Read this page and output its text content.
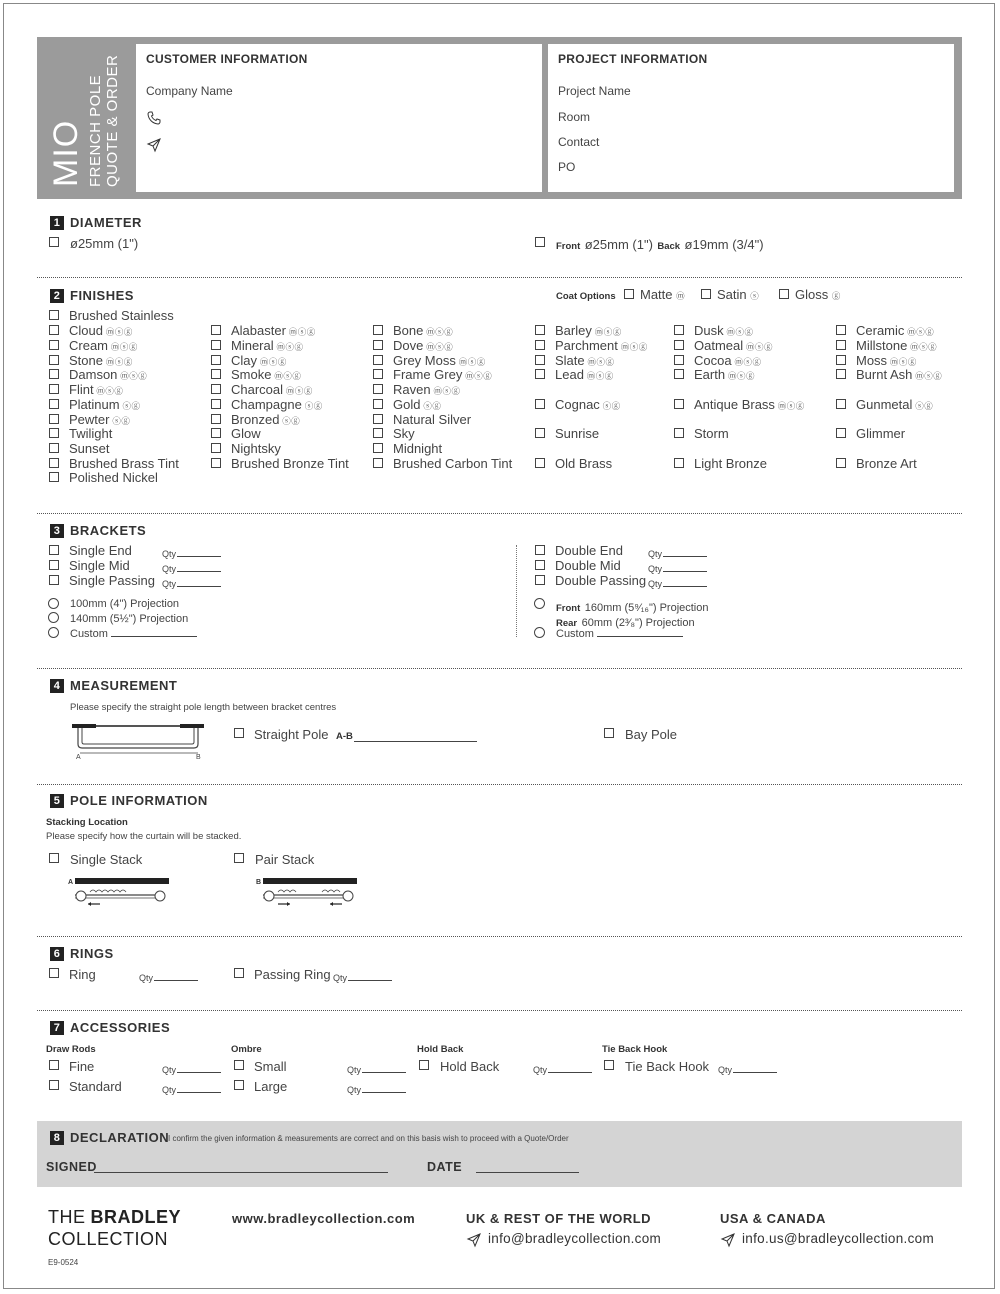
MIO FRENCH POLE QUOTE & ORDER CUSTOMER INFORMATION
Company Name
PROJECT INFORMATION
Project Name
Room
Contact
PO
1 DIAMETER
ø25mm (1")	Front ø25mm (1") Back ø19mm (3/4")
2 FINISHES	Coat Options Matte ⓜ Satin ⓢ	Gloss ⓖ
Brushed Stainless
Cloud ⓜⓢⓖ
Cream ⓜⓢⓖ
Stone ⓜⓢⓖ
Damson ⓜⓢⓖ
Flint ⓜⓢⓖ
Platinum ⓢⓖ
Pewter ⓢⓖ
Twilight
Sunset
Brushed Brass Tint
Polished Nickel
Alabaster ⓜⓢⓖ
Mineral ⓜⓢⓖ
Clay ⓜⓢⓖ
Smoke ⓜⓢⓖ
Charcoal ⓜⓢⓖ
Champagne ⓢⓖ
Bronzed ⓢⓖ
Glow
Nightsky
Brushed Bronze Tint
Bone ⓜⓢⓖ
Dove ⓜⓢⓖ
Grey Moss ⓜⓢⓖ
Frame Grey ⓜⓢⓖ
Raven ⓜⓢⓖ
Gold ⓢⓖ
Natural Silver
Sky
Midnight
Brushed Carbon Tint
Barley ⓜⓢⓖ
Parchment ⓜⓢⓖ
Slate ⓜⓢⓖ
Lead ⓜⓢⓖ
Cognac ⓢⓖ
Sunrise
Old Brass
Dusk ⓜⓢⓖ
Oatmeal ⓜⓢⓖ
Cocoa ⓜⓢⓖ
Earth ⓜⓢⓖ
Antique Brass ⓜⓢⓖ
Storm
Light Bronze
Ceramic ⓜⓢⓖ
Millstone ⓜⓢⓖ
Moss ⓜⓢⓖ
Burnt Ash ⓜⓢⓖ
Gunmetal ⓢⓖ
Glimmer
Bronze Art
3 BRACKETS
Single End	Qty
Single Mid	Qty
Single Passing Qty
Double End	Qty
Double Mid	Qty
Double Passing Qty
100mm (4") Projection
140mm (5½") Projection
Custom
Front 160mm (5⁹⁄₁₆") Projection
Rear 60mm (2³⁄₈") Projection
Custom
4 MEASUREMENT
Please specify the straight pole length between bracket centres
A	B
Straight Pole A-B	Bay Pole
5 POLE INFORMATION
Stacking Location
Please specify how the curtain will be stacked.
Single Stack	Pair Stack
A	B
6 RINGS
Ring	Qty	Passing Ring Qty
7 ACCESSORIES
Draw Rods	Ombre	Hold Back	Tie Back Hook
Fine	Qty
Standard	Qty
Small	Qty
Large	Qty
Hold Back	Qty	Tie Back Hook Qty
8 DECLARATION
I confirm the given information & measurements are correct and on this basis wish to proceed with a Quote/Order
SIGNED	DATE
THE BRADLEY
COLLECTION
www.bradleycollection.com	UK & REST OF THE WORLD
info@bradleycollection.com
USA & CANADA
info.us@bradleycollection.com
E9-0524
